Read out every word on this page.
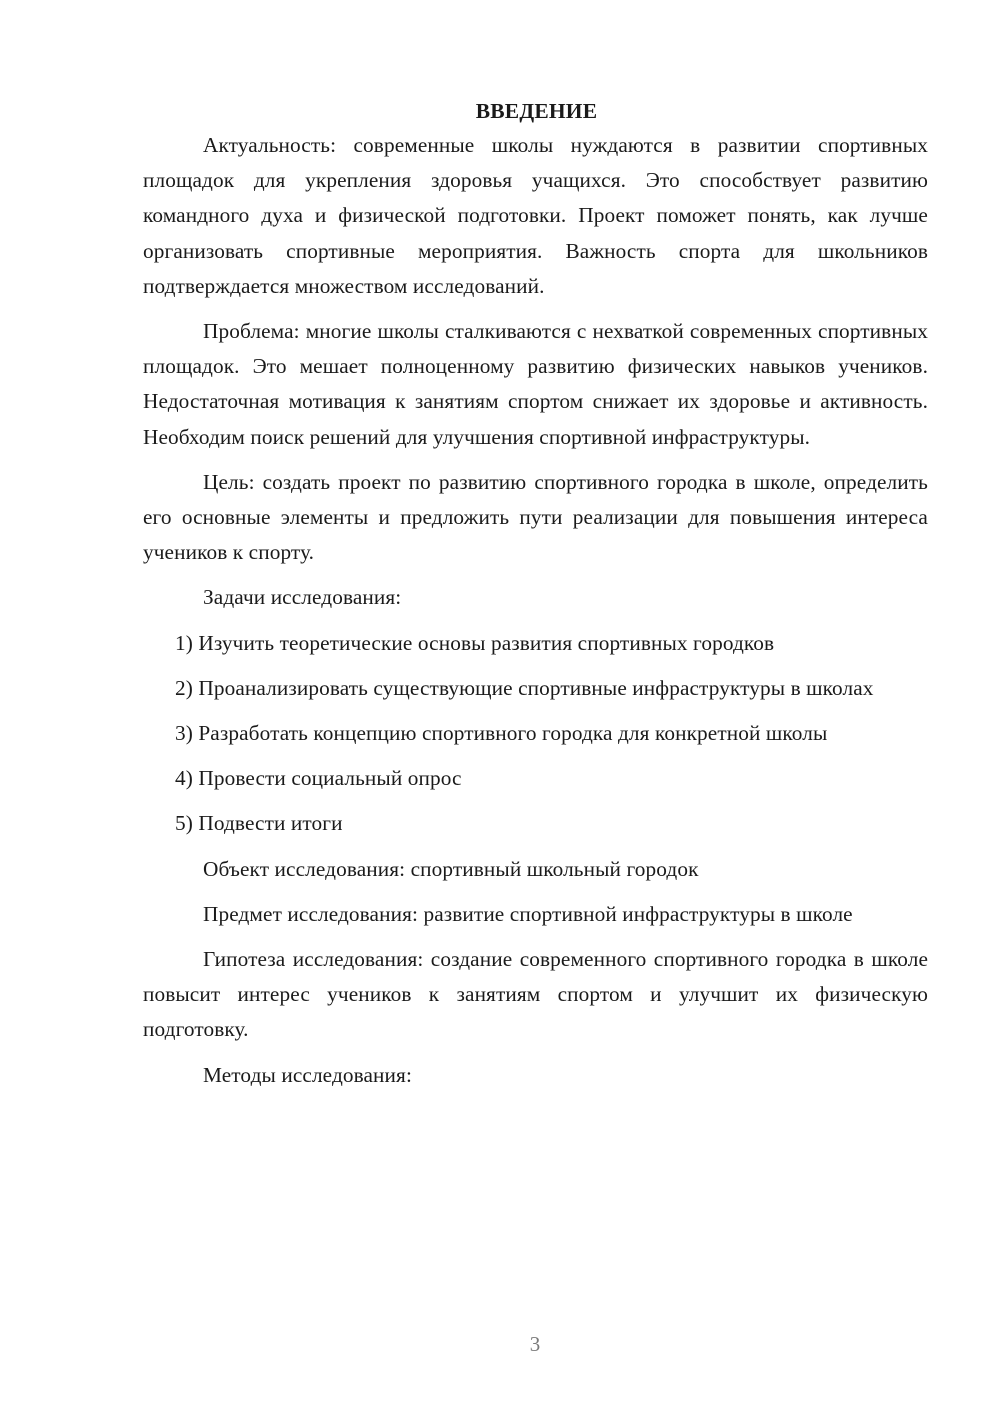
ВВЕДЕНИЕ

Актуальность: современные школы нуждаются в развитии спортивных площадок для укрепления здоровья учащихся. Это способствует развитию командного духа и физической подготовки. Проект поможет понять, как лучше организовать спортивные мероприятия. Важность спорта для школьников подтверждается множеством исследований.

Проблема: многие школы сталкиваются с нехваткой современных спортивных площадок. Это мешает полноценному развитию физических навыков учеников. Недостаточная мотивация к занятиям спортом снижает их здоровье и активность. Необходим поиск решений для улучшения спортивной инфраструктуры.

Цель: создать проект по развитию спортивного городка в школе, определить его основные элементы и предложить пути реализации для повышения интереса учеников к спорту.

Задачи исследования:

1) Изучить теоретические основы развития спортивных городков

2) Проанализировать существующие спортивные инфраструктуры в школах

3) Разработать концепцию спортивного городка для конкретной школы

4) Провести социальный опрос

5) Подвести итоги

Объект исследования: спортивный школьный городок

Предмет исследования: развитие спортивной инфраструктуры в школе

Гипотеза исследования: создание современного спортивного городка в школе повысит интерес учеников к занятиям спортом и улучшит их физическую подготовку.

Методы исследования:

3
